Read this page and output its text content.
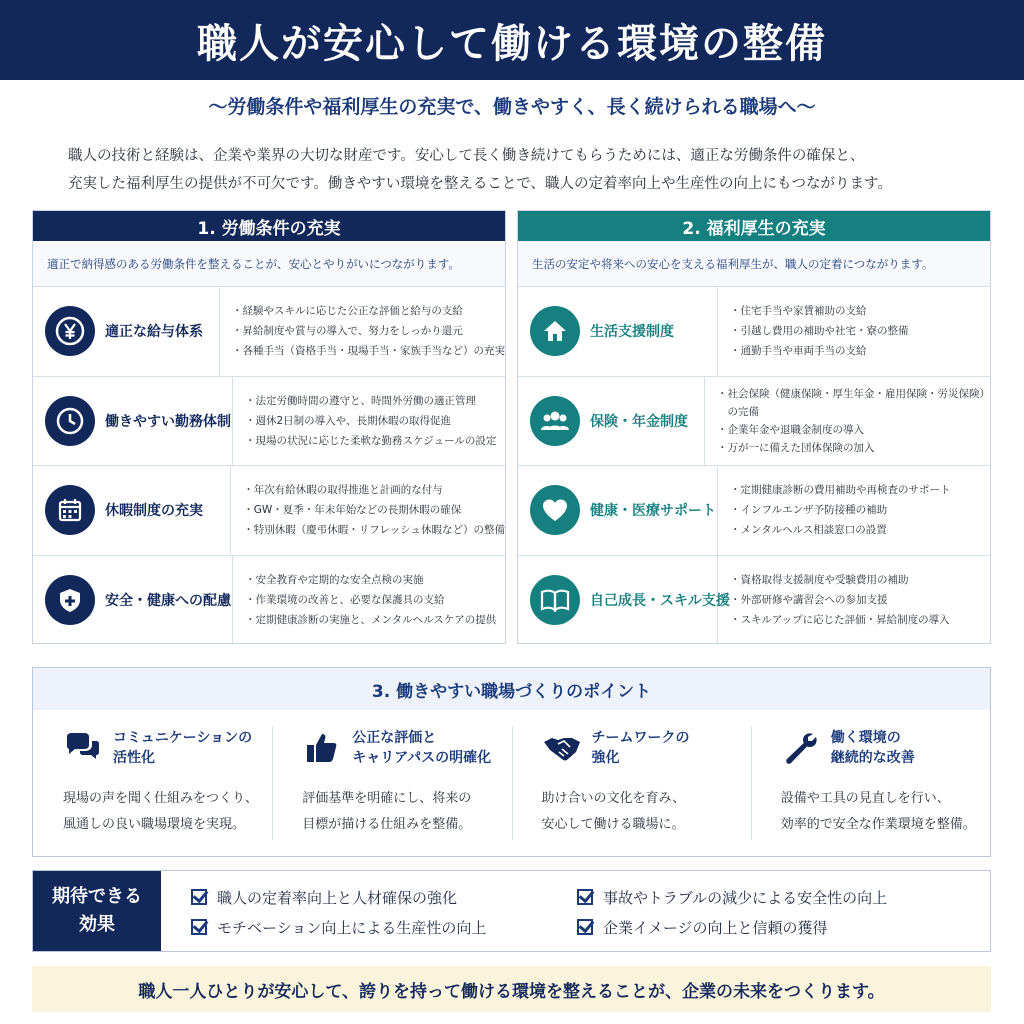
職人が安心して働ける環境の整備
～労働条件や福利厚生の充実で、働きやすく、長く続けられる職場へ～

職人の技術と経験は、企業や業界の大切な財産です。安心して長く働き続けてもらうためには、適正な労働条件の確保と、

充実した福利厚生の提供が不可欠です。働きやすい環境を整えることで、職人の定着率向上や生産性の向上にもつながります。

1. 労働条件の充実
適正で納得感のある労働条件を整えることが、安心とやりがいにつながります。
適正な給与体系
・経験やスキルに応じた公正な評価と給与の支給
・昇給制度や賞与の導入で、努力をしっかり還元
・各種手当（資格手当・現場手当・家族手当など）の充実
働きやすい勤務体制
・法定労働時間の遵守と、時間外労働の適正管理
・週休2日制の導入や、長期休暇の取得促進
・現場の状況に応じた柔軟な勤務スケジュールの設定
休暇制度の充実
・年次有給休暇の取得推進と計画的な付与
・GW・夏季・年末年始などの長期休暇の確保
・特別休暇（慶弔休暇・リフレッシュ休暇など）の整備
安全・健康への配慮
・安全教育や定期的な安全点検の実施
・作業環境の改善と、必要な保護具の支給
・定期健康診断の実施と、メンタルヘルスケアの提供
2. 福利厚生の充実
生活の安定や将来への安心を支える福利厚生が、職人の定着につながります。
生活支援制度
・住宅手当や家賃補助の支給
・引越し費用の補助や社宅・寮の整備
・通勤手当や車両手当の支給
保険・年金制度
・社会保険（健康保険・厚生年金・雇用保険・労災保険）
　の完備
・企業年金や退職金制度の導入
・万が一に備えた団体保険の加入
健康・医療サポート
・定期健康診断の費用補助や再検査のサポート
・インフルエンザ予防接種の補助
・メンタルヘルス相談窓口の設置
自己成長・スキル支援
・資格取得支援制度や受験費用の補助
・外部研修や講習会への参加支援
・スキルアップに応じた評価・昇給制度の導入
3. 働きやすい職場づくりのポイント
コミュニケーションの
活性化
現場の声を聞く仕組みをつくり、
風通しの良い職場環境を実現。
公正な評価と
キャリアパスの明確化
評価基準を明確にし、将来の
目標が描ける仕組みを整備。
チームワークの
強化
助け合いの文化を育み、
安心して働ける職場に。
働く環境の
継続的な改善
設備や工具の見直しを行い、
効率的で安全な作業環境を整備。
期待できる
効果
職人の定着率向上と人材確保の強化	事故やトラブルの減少による安全性の向上
モチベーション向上による生産性の向上	企業イメージの向上と信頼の獲得
職人一人ひとりが安心して、誇りを持って働ける環境を整えることが、企業の未来をつくります。
